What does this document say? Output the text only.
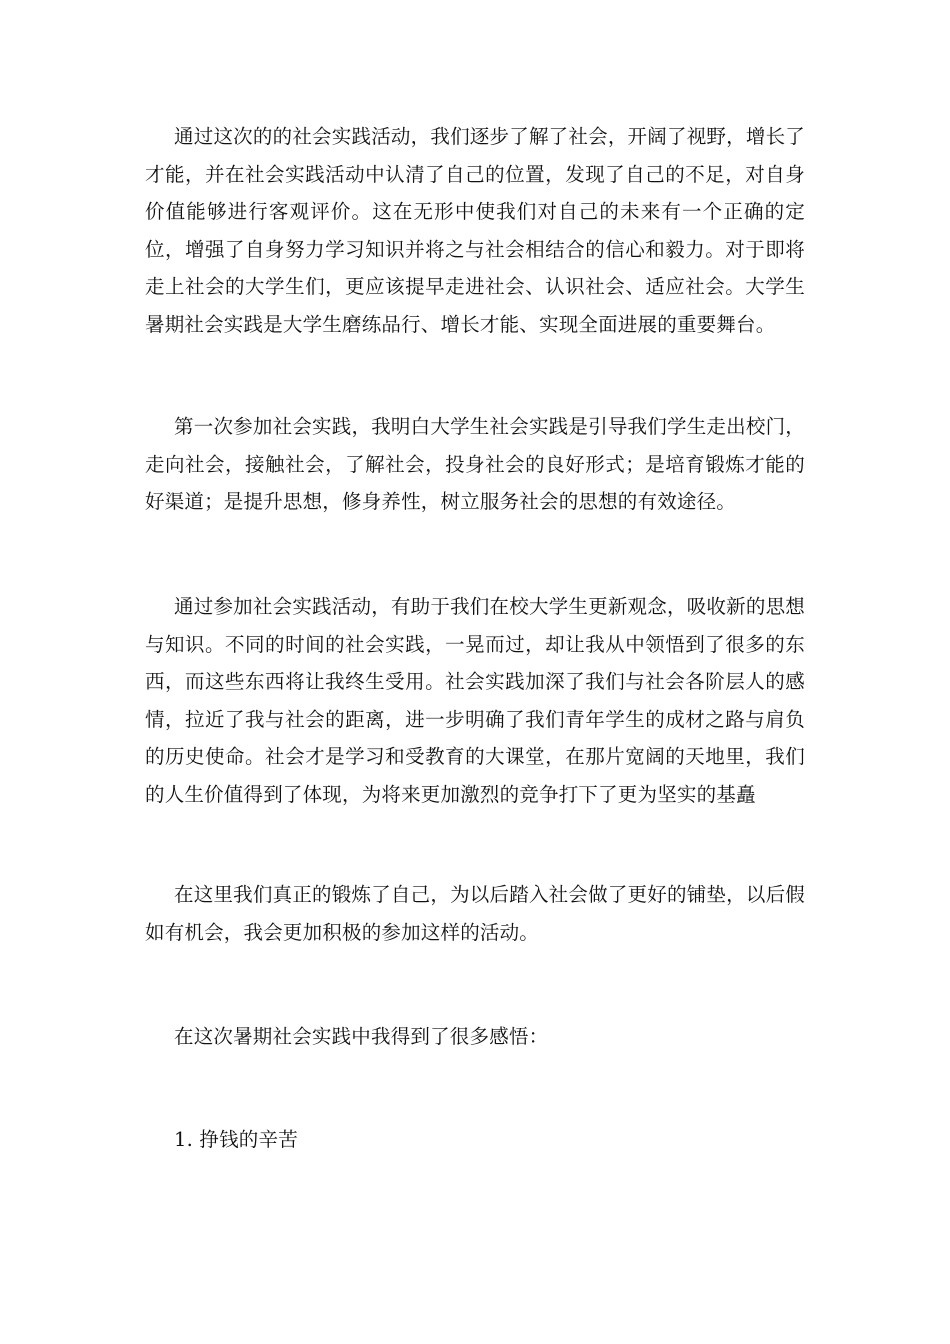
通过这次的的社会实践活动，我们逐步了解了社会，开阔了视野，增长了才能，并在社会实践活动中认清了自己的位置，发现了自己的不足，对自身价值能够进行客观评价。这在无形中使我们对自己的未来有一个正确的定位，增强了自身努力学习知识并将之与社会相结合的信心和毅力。对于即将走上社会的大学生们，更应该提早走进社会、认识社会、适应社会。大学生暑期社会实践是大学生磨练品行、增长才能、实现全面进展的重要舞台。

第一次参加社会实践，我明白大学生社会实践是引导我们学生走出校门，走向社会，接触社会，了解社会，投身社会的良好形式；是培育锻炼才能的好渠道；是提升思想，修身养性，树立服务社会的思想的有效途径。

通过参加社会实践活动，有助于我们在校大学生更新观念，吸收新的思想与知识。不同的时间的社会实践，一晃而过，却让我从中领悟到了很多的东西，而这些东西将让我终生受用。社会实践加深了我们与社会各阶层人的感情，拉近了我与社会的距离，进一步明确了我们青年学生的成材之路与肩负的历史使命。社会才是学习和受教育的大课堂，在那片宽阔的天地里，我们的人生价值得到了体现，为将来更加激烈的竞争打下了更为坚实的基矗

在这里我们真正的锻炼了自己，为以后踏入社会做了更好的铺垫，以后假如有机会，我会更加积极的参加这样的活动。

在这次暑期社会实践中我得到了很多感悟：

1. 挣钱的辛苦
